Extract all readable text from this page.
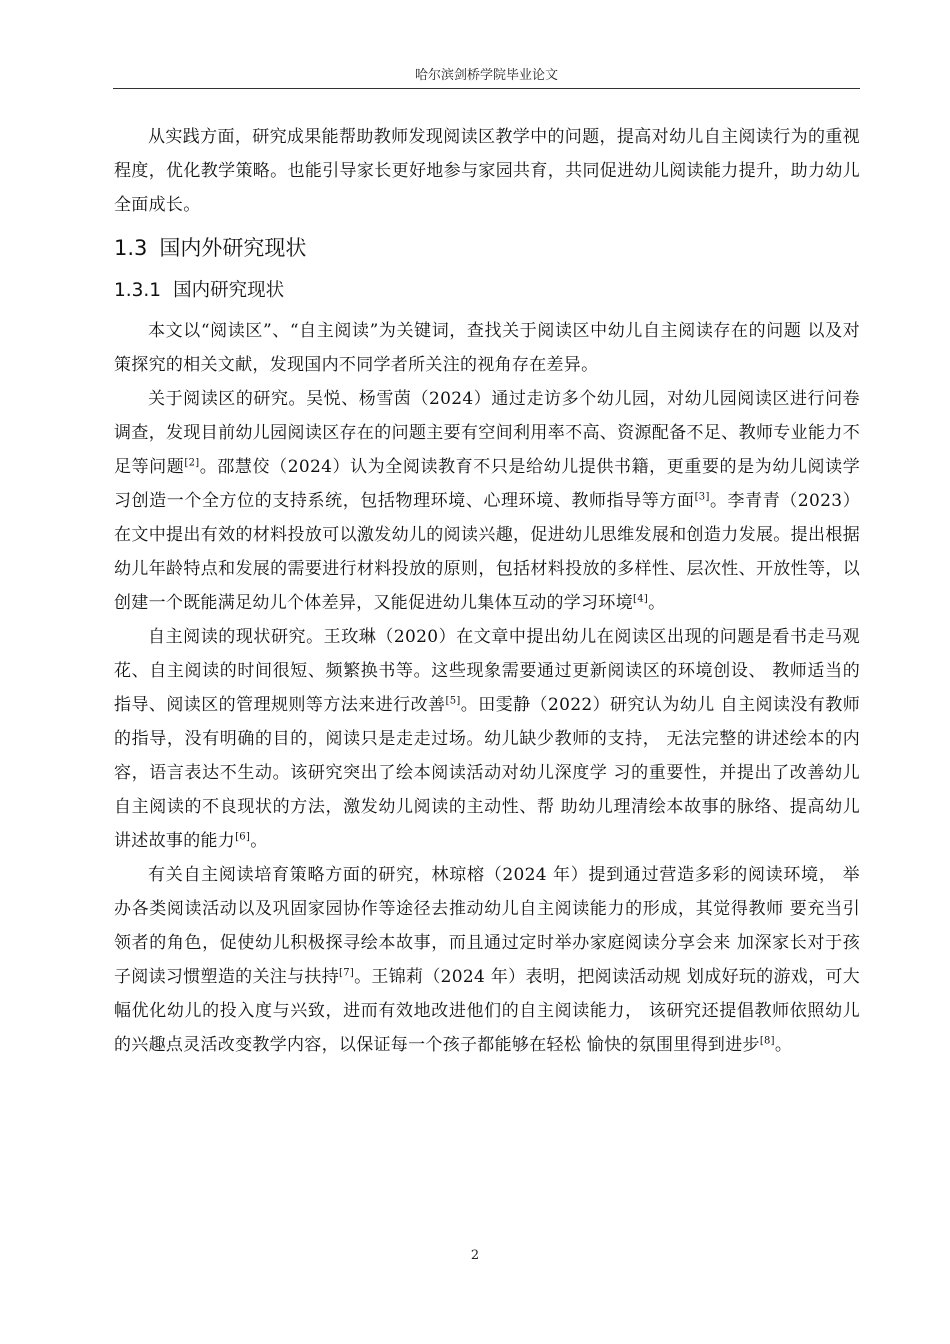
哈尔滨剑桥学院毕业论文

从实践方面，研究成果能帮助教师发现阅读区教学中的问题，提高对幼儿自主阅读行为的重视程度，优化教学策略。也能引导家长更好地参与家园共育，共同促进幼儿阅读能力提升，助力幼儿全面成长。

1.3 国内外研究现状
1.3.1 国内研究现状

本文以“阅读区”、“自主阅读”为关键词，查找关于阅读区中幼儿自主阅读存在的问题 以及对策探究的相关文献，发现国内不同学者所关注的视角存在差异。

关于阅读区的研究。吴悦、杨雪茵（2024）通过走访多个幼儿园，对幼儿园阅读区进行问卷调查，发现目前幼儿园阅读区存在的问题主要有空间利用率不高、资源配备不足、教师专业能力不足等问题[2]。邵慧佼（2024）认为全阅读教育不只是给幼儿提供书籍，更重要的是为幼儿阅读学习创造一个全方位的支持系统，包括物理环境、心理环境、教师指导等方面[3]。李青青（2023）在文中提出有效的材料投放可以激发幼儿的阅读兴趣，促进幼儿思维发展和创造力发展。提出根据幼儿年龄特点和发展的需要进行材料投放的原则，包括材料投放的多样性、层次性、开放性等，以创建一个既能满足幼儿个体差异，又能促进幼儿集体互动的学习环境[4]。

自主阅读的现状研究。王玫琳（2020）在文章中提出幼儿在阅读区出现的问题是看书走马观花、自主阅读的时间很短、频繁换书等。这些现象需要通过更新阅读区的环境创设、 教师适当的指导、阅读区的管理规则等方法来进行改善[5]。田雯静（2022）研究认为幼儿 自主阅读没有教师的指导，没有明确的目的，阅读只是走走过场。幼儿缺少教师的支持， 无法完整的讲述绘本的内容，语言表达不生动。该研究突出了绘本阅读活动对幼儿深度学 习的重要性，并提出了改善幼儿自主阅读的不良现状的方法，激发幼儿阅读的主动性、帮 助幼儿理清绘本故事的脉络、提高幼儿讲述故事的能力[6]。

有关自主阅读培育策略方面的研究，林琼榕（2024 年）提到通过营造多彩的阅读环境， 举办各类阅读活动以及巩固家园协作等途径去推动幼儿自主阅读能力的形成，其觉得教师 要充当引领者的角色，促使幼儿积极探寻绘本故事，而且通过定时举办家庭阅读分享会来 加深家长对于孩子阅读习惯塑造的关注与扶持[7]。王锦莉（2024 年）表明，把阅读活动规 划成好玩的游戏，可大幅优化幼儿的投入度与兴致，进而有效地改进他们的自主阅读能力， 该研究还提倡教师依照幼儿的兴趣点灵活改变教学内容，以保证每一个孩子都能够在轻松 愉快的氛围里得到进步[8]。

2
